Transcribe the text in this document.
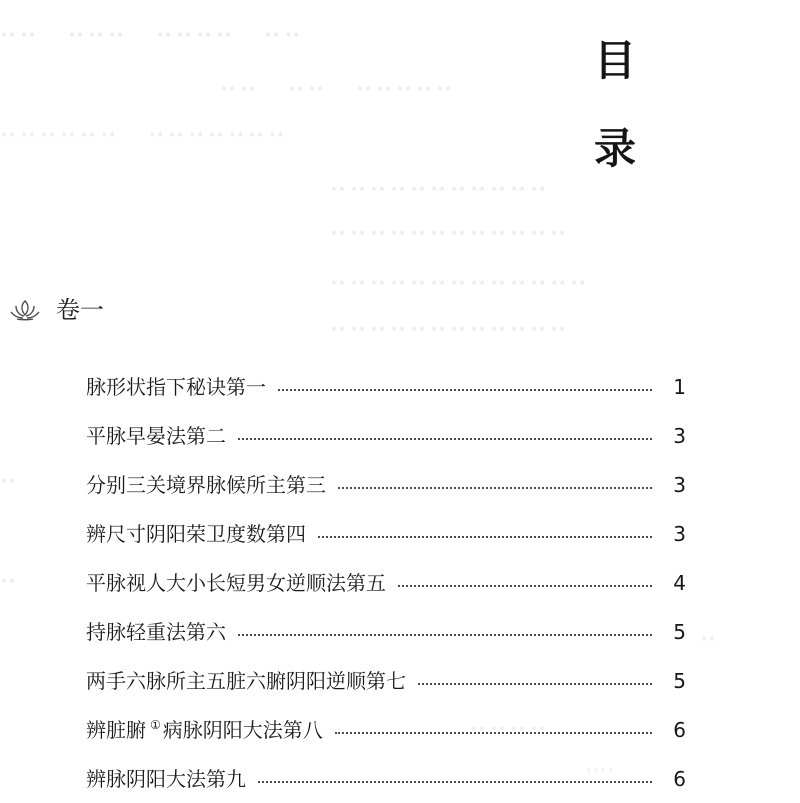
‥‥　‥‥‥　‥‥‥‥　‥‥
‥‥　‥‥　‥‥‥‥‥
‥‥‥‥‥‥　‥‥‥‥‥‥‥
‥‥‥‥‥‥‥‥‥‥‥
‥‥‥‥‥‥‥‥‥‥‥‥
‥‥‥‥‥‥‥‥‥‥‥‥‥
‥‥‥‥‥‥‥‥‥‥‥‥
‥
‥
‥
‥‥‥‥
目
录
卷一
脉形状指下秘诀第一	1
平脉早晏法第二	3
分别三关境界脉候所主第三	3
辨尺寸阴阳荣卫度数第四	3
平脉视人大小长短男女逆顺法第五	4
持脉轻重法第六	5
两手六脉所主五脏六腑阴阳逆顺第七	5
辨脏腑 ① 病脉阴阳大法第八	6
辨脉阴阳大法第九	6
‥‥
